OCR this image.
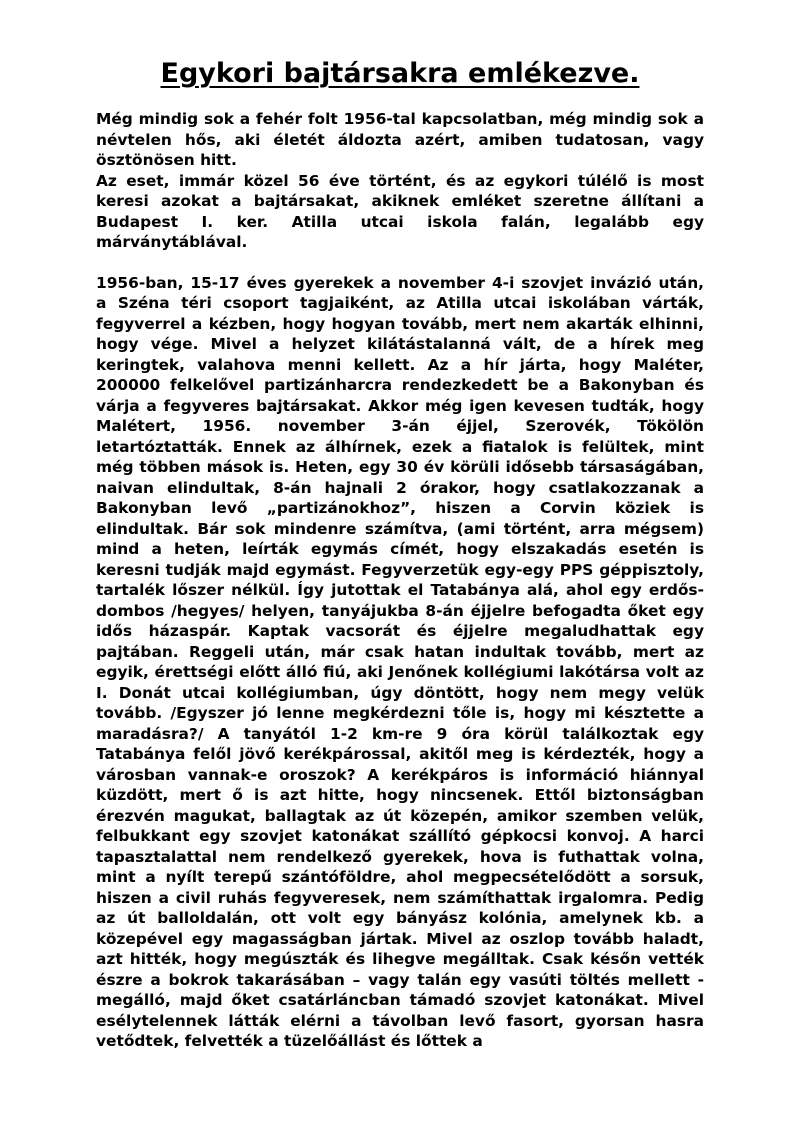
Egykori bajtársakra emlékezve.

Még mindig sok a fehér folt 1956-tal kapcsolatban, még mindig sok a névtelen hős, aki életét áldozta azért, amiben tudatosan, vagy ösztönösen hitt.

Az eset, immár közel 56 éve történt, és az egykori túlélő is most keresi azokat a bajtársakat, akiknek emléket szeretne állítani a Budapest I. ker. Atilla utcai iskola falán, legalább egy márványtáblával.

1956-ban, 15-17 éves gyerekek a november 4-i szovjet invázió után, a Széna téri csoport tagjaiként, az Atilla utcai iskolában várták, fegyverrel a kézben, hogy hogyan tovább, mert nem akarták elhinni, hogy vége. Mivel a helyzet kilátástalanná vált, de a hírek meg keringtek, valahova menni kellett. Az a hír járta, hogy Maléter, 200000 felkelővel partizánharcra rendezkedett be a Bakonyban és várja a fegyveres bajtársakat. Akkor még igen kevesen tudták, hogy Malétert, 1956. november 3-án éjjel, Szerovék, Tökölön letartóztatták. Ennek az álhírnek, ezek a fiatalok is felültek, mint még többen mások is. Heten, egy 30 év körüli idősebb társaságában, naivan elindultak, 8-án hajnali 2 órakor, hogy csatlakozzanak a Bakonyban levő „partizánokhoz”, hiszen a Corvin köziek is elindultak. Bár sok mindenre számítva, (ami történt, arra mégsem) mind a heten, leírták egymás címét, hogy elszakadás esetén is keresni tudják majd egymást. Fegyverzetük egy-egy PPS géppisztoly, tartalék lőszer nélkül. Így jutottak el Tatabánya alá, ahol egy erdős-dombos /hegyes/ helyen, tanyájukba 8-án éjjelre befogadta őket egy idős házaspár. Kaptak vacsorát és éjjelre megaludhattak egy pajtában. Reggeli után, már csak hatan indultak tovább, mert az egyik, érettségi előtt álló fiú, aki Jenőnek kollégiumi lakótársa volt az I. Donát utcai kollégiumban, úgy döntött, hogy nem megy velük tovább. /Egyszer jó lenne megkérdezni tőle is, hogy mi késztette a maradásra?/ A tanyától 1-2 km-re 9 óra körül találkoztak egy Tatabánya felől jövő kerékpárossal, akitől meg is kérdezték, hogy a városban vannak-e oroszok? A kerékpáros is információ hiánnyal küzdött, mert ő is azt hitte, hogy nincsenek. Ettől biztonságban érezvén magukat, ballagtak az út közepén, amikor szemben velük, felbukkant egy szovjet katonákat szállító gépkocsi konvoj. A harci tapasztalattal nem rendelkező gyerekek, hova is futhattak volna, mint a nyílt terepű szántóföldre, ahol megpecsételődött a sorsuk, hiszen a civil ruhás fegyveresek, nem számíthattak irgalomra. Pedig az út balloldalán, ott volt egy bányász kolónia, amelynek kb. a közepével egy magasságban jártak. Mivel az oszlop tovább haladt, azt hitték, hogy megúszták és lihegve megálltak. Csak későn vették észre a bokrok takarásában – vagy talán egy vasúti töltés mellett - megálló, majd őket csatárláncban támadó szovjet katonákat. Mivel esélytelennek látták elérni a távolban levő fasort, gyorsan hasra vetődtek, felvették a tüzelőállást és lőttek a
